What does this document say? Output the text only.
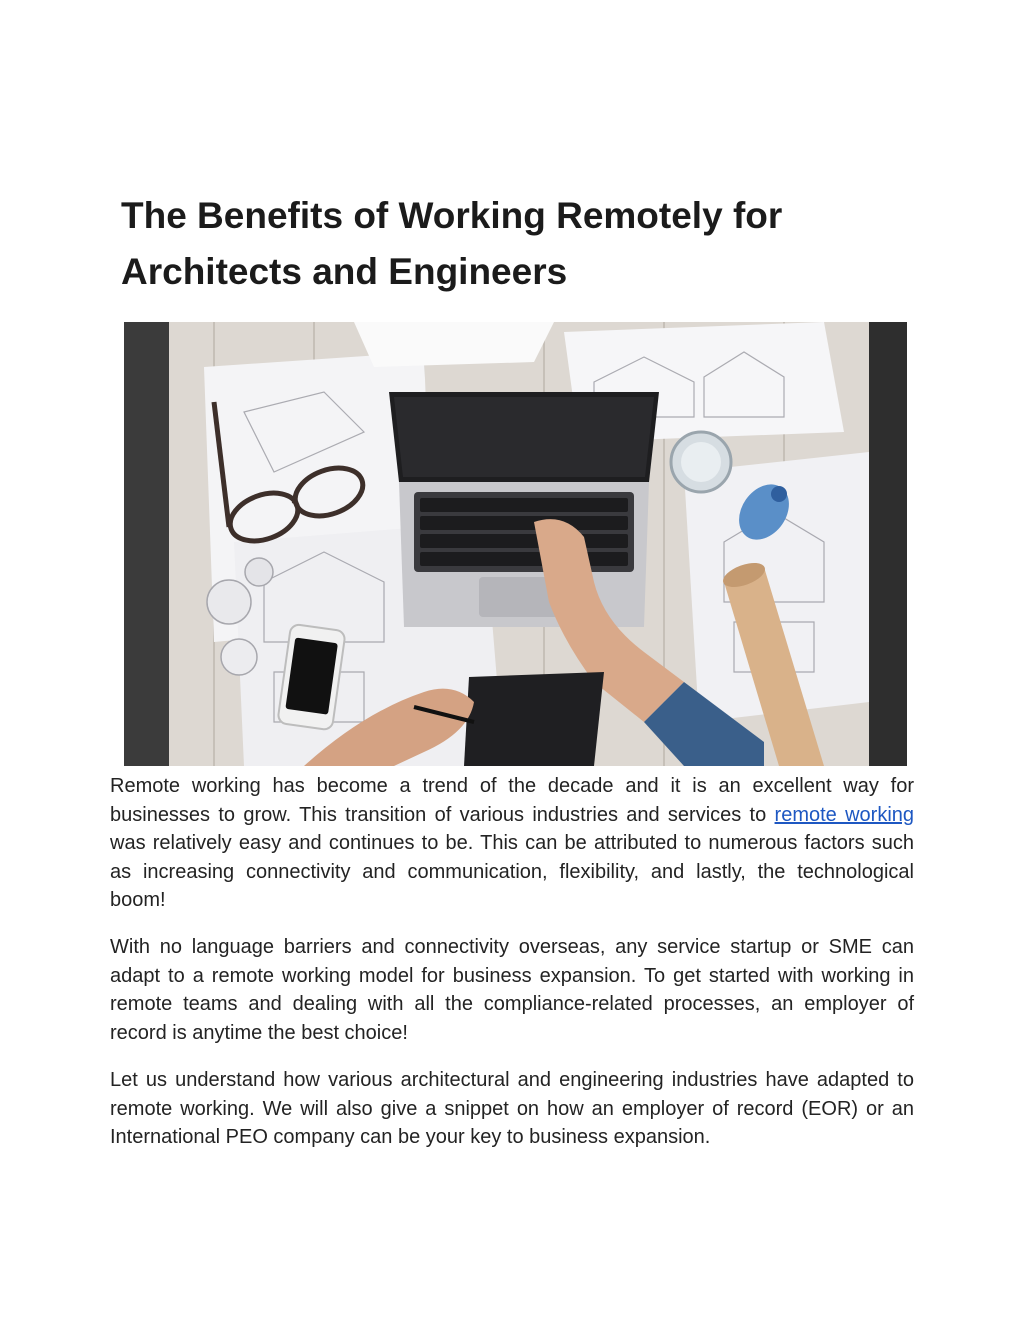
The Benefits of Working Remotely for
Architects and Engineers

Remote working has become a trend of the decade and it is an excellent way for businesses to grow. This transition of various industries and services to remote working was relatively easy and continues to be. This can be attributed to numerous factors such as increasing connectivity and communication, flexibility, and lastly, the technological boom!

With no language barriers and connectivity overseas, any service startup or SME can adapt to a remote working model for business expansion. To get started with working in remote teams and dealing with all the compliance-related processes, an employer of record is anytime the best choice!

Let us understand how various architectural and engineering industries have adapted to remote working. We will also give a snippet on how an employer of record (EOR) or an International PEO company can be your key to business expansion.
